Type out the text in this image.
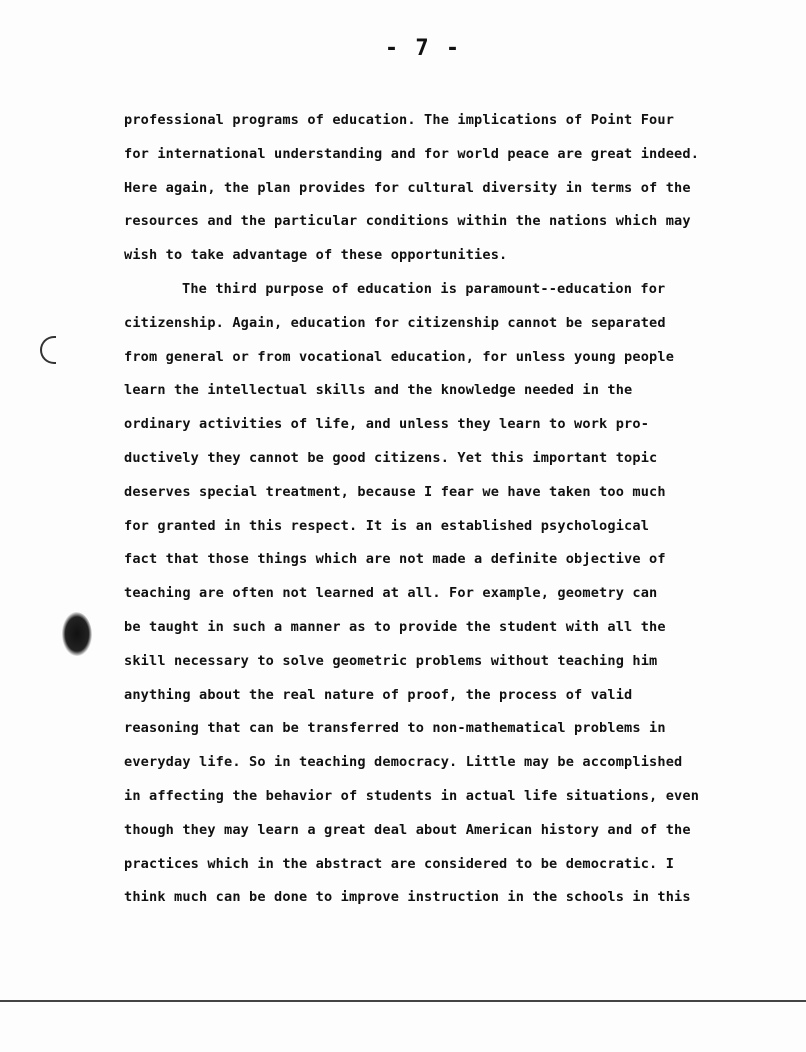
- 7 -
professional programs of education. The implications of Point Four
for international understanding and for world peace are great indeed.
Here again, the plan provides for cultural diversity in terms of the
resources and the particular conditions within the nations which may
wish to take advantage of these opportunities.
The third purpose of education is paramount--education for
citizenship. Again, education for citizenship cannot be separated
from general or from vocational education, for unless young people
learn the intellectual skills and the knowledge needed in the
ordinary activities of life, and unless they learn to work pro-
ductively they cannot be good citizens. Yet this important topic
deserves special treatment, because I fear we have taken too much
for granted in this respect. It is an established psychological
fact that those things which are not made a definite objective of
teaching are often not learned at all. For example, geometry can
be taught in such a manner as to provide the student with all the
skill necessary to solve geometric problems without teaching him
anything about the real nature of proof, the process of valid
reasoning that can be transferred to non-mathematical problems in
everyday life. So in teaching democracy. Little may be accomplished
in affecting the behavior of students in actual life situations, even
though they may learn a great deal about American history and of the
practices which in the abstract are considered to be democratic. I
think much can be done to improve instruction in the schools in this
